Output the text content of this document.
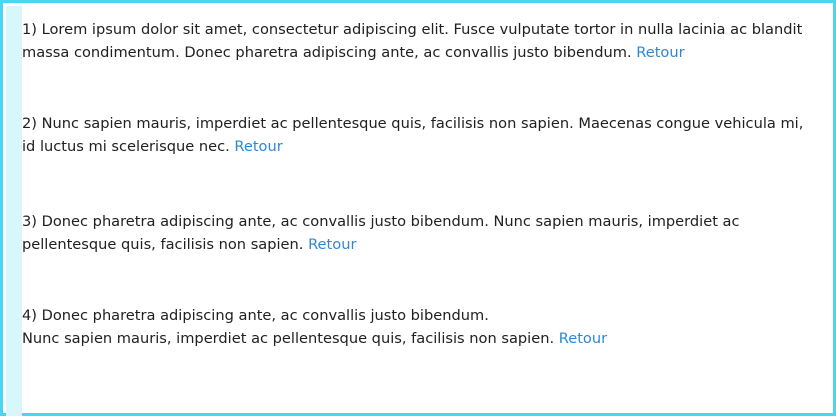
1) Lorem ipsum dolor sit amet, consectetur adipiscing elit. Fusce vulputate tortor in nulla lacinia ac blandit
massa condimentum. Donec pharetra adipiscing ante, ac convallis justo bibendum. Retour

2) Nunc sapien mauris, imperdiet ac pellentesque quis, facilisis non sapien. Maecenas congue vehicula mi,
id luctus mi scelerisque nec. Retour

3) Donec pharetra adipiscing ante, ac convallis justo bibendum. Nunc sapien mauris, imperdiet ac
pellentesque quis, facilisis non sapien. Retour

4) Donec pharetra adipiscing ante, ac convallis justo bibendum.
Nunc sapien mauris, imperdiet ac pellentesque quis, facilisis non sapien. Retour
